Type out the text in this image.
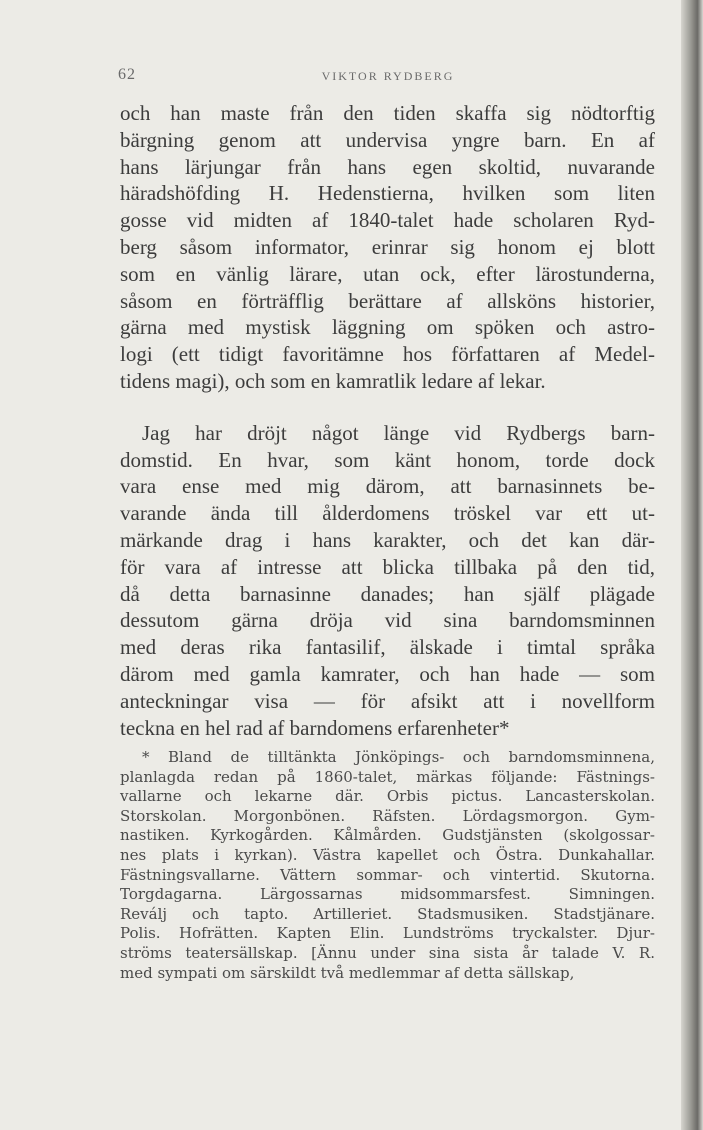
62	VIKTOR RYDBERG
och han maste från den tiden skaffa sig nödtorftig
bärgning genom att undervisa yngre barn. En af
hans lärjungar från hans egen skoltid, nuvarande
häradshöfding H. Hedenstierna, hvilken som liten
gosse vid midten af 1840-talet hade scholaren Ryd-
berg såsom informator, erinrar sig honom ej blott
som en vänlig lärare, utan ock, efter lärostunderna,
såsom en förträfflig berättare af allsköns historier,
gärna med mystisk läggning om spöken och astro-
logi (ett tidigt favoritämne hos författaren af Medel-
tidens magi), och som en kamratlik ledare af lekar.
Jag har dröjt något länge vid Rydbergs barn-
domstid. En hvar, som känt honom, torde dock
vara ense med mig därom, att barnasinnets be-
varande ända till ålderdomens tröskel var ett ut-
märkande drag i hans karakter, och det kan där-
för vara af intresse att blicka tillbaka på den tid,
då detta barnasinne danades; han själf plägade
dessutom gärna dröja vid sina barndomsminnen
med deras rika fantasilif, älskade i timtal språka
därom med gamla kamrater, och han hade — som
anteckningar visa — för afsikt att i novellform
teckna en hel rad af barndomens erfarenheter*
* Bland de tilltänkta Jönköpings- och barndomsminnena,
planlagda redan på 1860-talet, märkas följande: Fästnings-
vallarne och lekarne där. Orbis pictus. Lancasterskolan.
Storskolan. Morgonbönen. Räfsten. Lördagsmorgon. Gym-
nastiken. Kyrkogården. Kålmården. Gudstjänsten (skolgossar-
nes plats i kyrkan). Västra kapellet och Östra. Dunkahallar.
Fästningsvallarne. Vättern sommar- och vintertid. Skutorna.
Torgdagarna. Lärgossarnas midsommarsfest. Simningen.
Reválj och tapto. Artilleriet. Stadsmusiken. Stadstjänare.
Polis. Hofrätten. Kapten Elin. Lundströms tryckalster. Djur-
ströms teatersällskap. [Ännu under sina sista år talade V. R.
med sympati om särskildt två medlemmar af detta sällskap,
